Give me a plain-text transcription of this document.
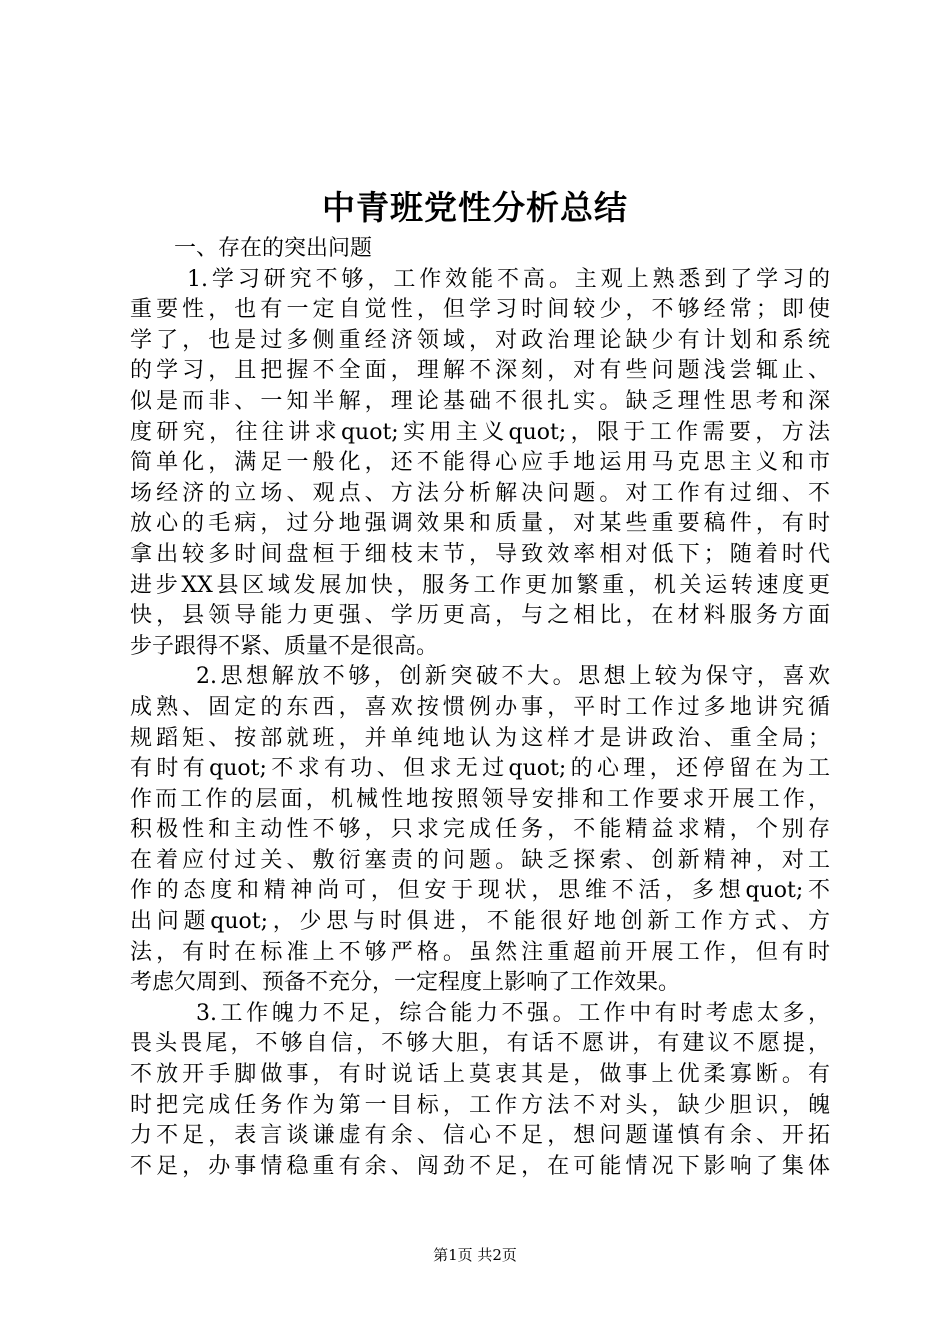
中青班党性分析总结
一、存在的突出问题
1.学习研究不够，工作效能不高。主观上熟悉到了学习的
重要性，也有一定自觉性，但学习时间较少，不够经常；即使
学了，也是过多侧重经济领域，对政治理论缺少有计划和系统
的学习，且把握不全面，理解不深刻，对有些问题浅尝辄止、
似是而非、一知半解，理论基础不很扎实。缺乏理性思考和深
度研究，往往讲求quot;实用主义quot;，限于工作需要，方法
简单化，满足一般化，还不能得心应手地运用马克思主义和市
场经济的立场、观点、方法分析解决问题。对工作有过细、不
放心的毛病，过分地强调效果和质量，对某些重要稿件，有时
拿出较多时间盘桓于细枝末节，导致效率相对低下；随着时代
进步XX县区域发展加快，服务工作更加繁重，机关运转速度更
快，县领导能力更强、学历更高，与之相比，在材料服务方面
步子跟得不紧、质量不是很高。
2.思想解放不够，创新突破不大。思想上较为保守，喜欢
成熟、固定的东西，喜欢按惯例办事，平时工作过多地讲究循
规蹈矩、按部就班，并单纯地认为这样才是讲政治、重全局；
有时有quot;不求有功、但求无过quot;的心理，还停留在为工
作而工作的层面，机械性地按照领导安排和工作要求开展工作，
积极性和主动性不够，只求完成任务，不能精益求精，个别存
在着应付过关、敷衍塞责的问题。缺乏探索、创新精神，对工
作的态度和精神尚可，但安于现状，思维不活，多想quot;不
出问题quot;，少思与时俱进，不能很好地创新工作方式、方
法，有时在标准上不够严格。虽然注重超前开展工作，但有时
考虑欠周到、预备不充分，一定程度上影响了工作效果。
3.工作魄力不足，综合能力不强。工作中有时考虑太多，
畏头畏尾，不够自信，不够大胆，有话不愿讲，有建议不愿提，
不放开手脚做事，有时说话上莫衷其是，做事上优柔寡断。有
时把完成任务作为第一目标，工作方法不对头，缺少胆识，魄
力不足，表言谈谦虚有余、信心不足，想问题谨慎有余、开拓
不足，办事情稳重有余、闯劲不足，在可能情况下影响了集体
第1页 共2页
